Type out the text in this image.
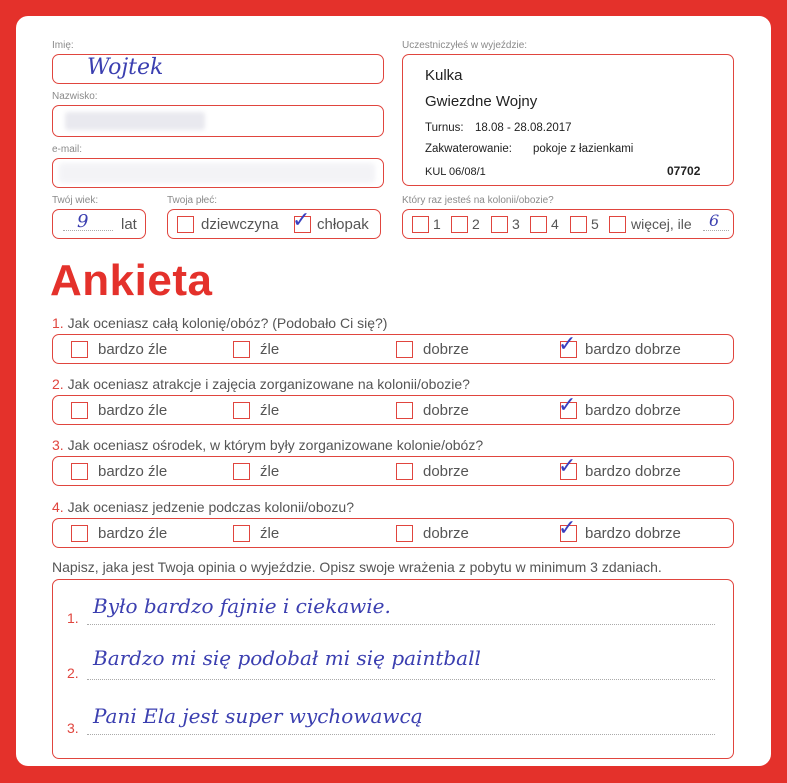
Imię:
Wojtek
Nazwisko:
e-mail:
Twój wiek:
9 lat
Twoja płeć:
dziewczyna ✓ chłopak
Uczestniczyłeś w wyjeździe:
Kulka
Gwiezdne Wojny
Turnus: 18.08 - 28.08.2017
Zakwaterowanie: pokoje z łazienkami
KUL 06/08/1	07702
Który raz jesteś na kolonii/obozie?
1 2 3 4 5 więcej, ile 6
Ankieta
1. Jak oceniasz całą kolonię/obóz? (Podobało Ci się?)
bardzo źle	źle	dobrze	✓ bardzo dobrze
2. Jak oceniasz atrakcje i zajęcia zorganizowane na kolonii/obozie?
bardzo źle	źle	dobrze	✓ bardzo dobrze
3. Jak oceniasz ośrodek, w którym były zorganizowane kolonie/obóz?
bardzo źle	źle	dobrze	✓ bardzo dobrze
4. Jak oceniasz jedzenie podczas kolonii/obozu?
bardzo źle	źle	dobrze	✓ bardzo dobrze
Napisz, jaka jest Twoja opinia o wyjeździe. Opisz swoje wrażenia z pobytu w minimum 3 zdaniach.
1. Było bardzo fajnie i ciekawie.
2.
Bardzo mi się podobał mi się paintball
3. Pani Ela jest super wychowawcą
